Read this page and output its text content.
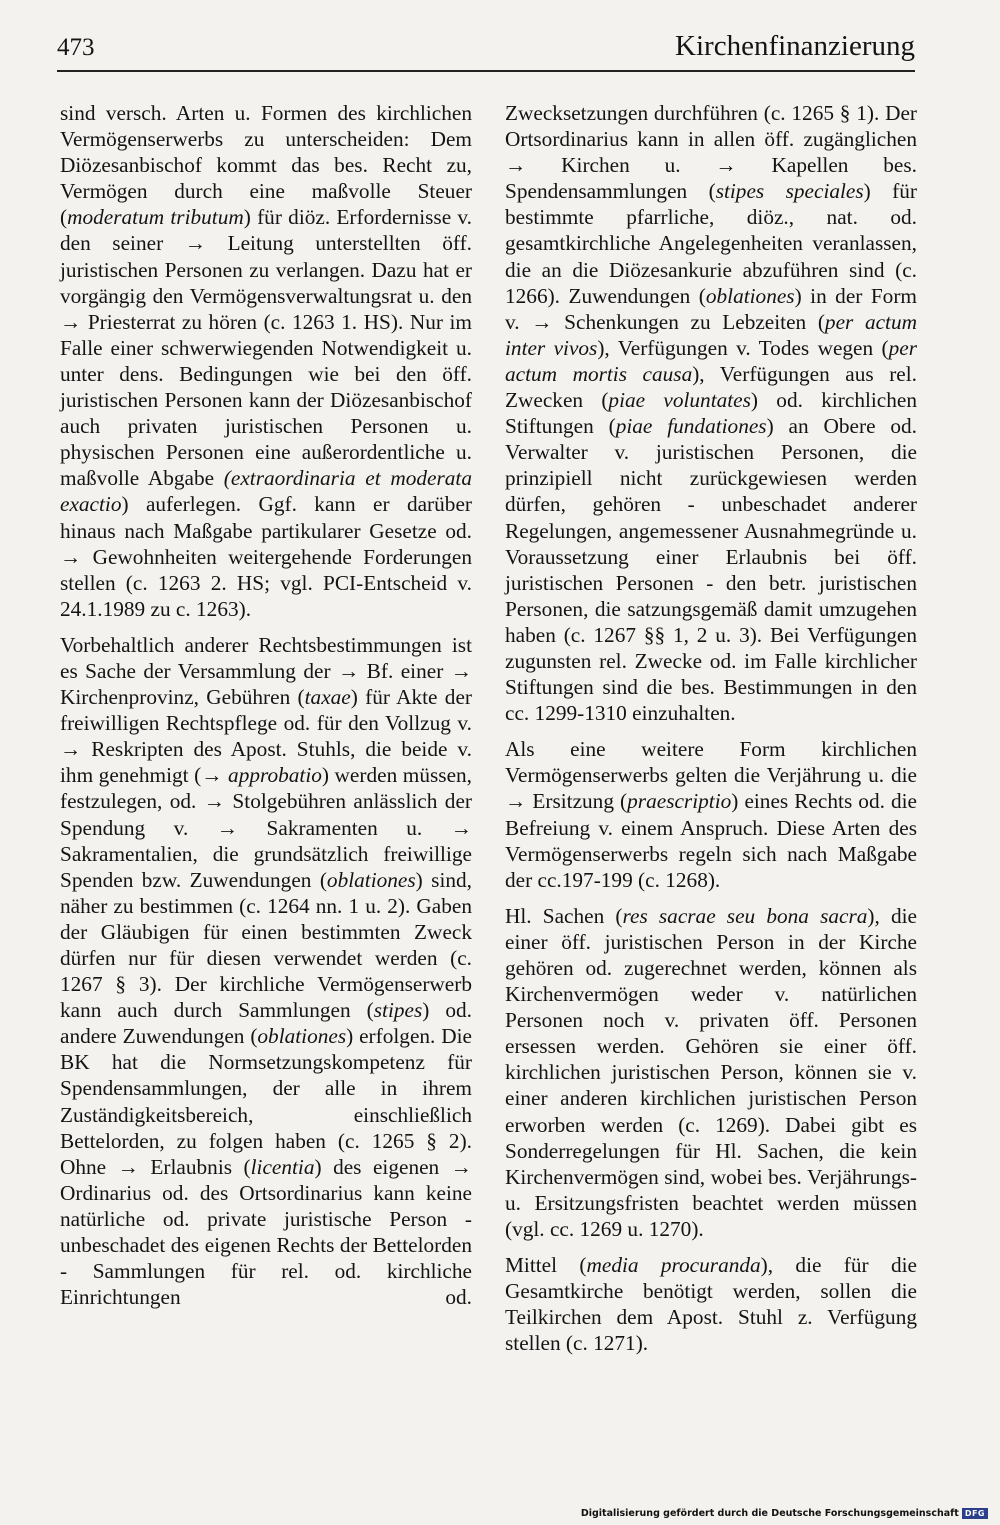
473	Kirchenfinanzierung

sind versch. Arten u. Formen des kirchlichen Vermögenserwerbs zu unterscheiden: Dem Diözesanbischof kommt das bes. Recht zu, Vermögen durch eine maßvolle Steuer (moderatum tributum) für diöz. Erfordernisse v. den seiner → Leitung unterstellten öff. juristischen Personen zu verlangen. Dazu hat er vorgängig den Vermögensverwaltungsrat u. den → Priesterrat zu hören (c. 1263 1. HS). Nur im Falle einer schwerwiegenden Notwendigkeit u. unter dens. Bedingungen wie bei den öff. juristischen Personen kann der Diözesanbischof auch privaten juristischen Personen u. physischen Personen eine außerordentliche u. maßvolle Abgabe (extraordinaria et moderata exactio) auferlegen. Ggf. kann er darüber hinaus nach Maßgabe partikularer Gesetze od. → Gewohnheiten weitergehende Forderungen stellen (c. 1263 2. HS; vgl. PCI-Entscheid v. 24.1.1989 zu c. 1263).

Vorbehaltlich anderer Rechtsbestimmungen ist es Sache der Versammlung der → Bf. einer → Kirchenprovinz, Gebühren (taxae) für Akte der freiwilligen Rechtspflege od. für den Vollzug v. → Reskripten des Apost. Stuhls, die beide v. ihm genehmigt (→ approbatio) werden müssen, festzulegen, od. → Stolgebühren anlässlich der Spendung v. → Sakramenten u. → Sakramentalien, die grundsätzlich freiwillige Spenden bzw. Zuwendungen (oblationes) sind, näher zu bestimmen (c. 1264 nn. 1 u. 2). Gaben der Gläubigen für einen bestimmten Zweck dürfen nur für diesen verwendet werden (c. 1267 § 3). Der kirchliche Vermögenserwerb kann auch durch Sammlungen (stipes) od. andere Zuwendungen (oblationes) erfolgen. Die BK hat die Normsetzungskompetenz für Spendensammlungen, der alle in ihrem Zuständigkeitsbereich, einschließlich Bettelorden, zu folgen haben (c. 1265 § 2). Ohne → Erlaubnis (licentia) des eigenen → Ordinarius od. des Ortsordinarius kann keine natürliche od. private juristische Person - unbeschadet des eigenen Rechts der Bettelorden - Sammlungen für rel. od. kirchliche Einrichtungen od.

Zwecksetzungen durchführen (c. 1265 § 1). Der Ortsordinarius kann in allen öff. zugänglichen → Kirchen u. → Kapellen bes. Spendensammlungen (stipes speciales) für bestimmte pfarrliche, diöz., nat. od. gesamtkirchliche Angelegenheiten veranlassen, die an die Diözesankurie abzuführen sind (c. 1266). Zuwendungen (oblationes) in der Form v. → Schenkungen zu Lebzeiten (per actum inter vivos), Verfügungen v. Todes wegen (per actum mortis causa), Verfügungen aus rel. Zwecken (piae voluntates) od. kirchlichen Stiftungen (piae fundationes) an Obere od. Verwalter v. juristischen Personen, die prinzipiell nicht zurückgewiesen werden dürfen, gehören - unbeschadet anderer Regelungen, angemessener Ausnahmegründe u. Voraussetzung einer Erlaubnis bei öff. juristischen Personen - den betr. juristischen Personen, die satzungsgemäß damit umzugehen haben (c. 1267 §§ 1, 2 u. 3). Bei Verfügungen zugunsten rel. Zwecke od. im Falle kirchlicher Stiftungen sind die bes. Bestimmungen in den cc. 1299-1310 einzuhalten.

Als eine weitere Form kirchlichen Vermögenserwerbs gelten die Verjährung u. die → Ersitzung (praescriptio) eines Rechts od. die Befreiung v. einem Anspruch. Diese Arten des Vermögenserwerbs regeln sich nach Maßgabe der cc.197-199 (c. 1268).

Hl. Sachen (res sacrae seu bona sacra), die einer öff. juristischen Person in der Kirche gehören od. zugerechnet werden, können als Kirchenvermögen weder v. natürlichen Personen noch v. privaten öff. Personen ersessen werden. Gehören sie einer öff. kirchlichen juristischen Person, können sie v. einer anderen kirchlichen juristischen Person erworben werden (c. 1269). Dabei gibt es Sonderregelungen für Hl. Sachen, die kein Kirchenvermögen sind, wobei bes. Verjährungs- u. Ersitzungsfristen beachtet werden müssen (vgl. cc. 1269 u. 1270).

Mittel (media procuranda), die für die Gesamtkirche benötigt werden, sollen die Teilkirchen dem Apost. Stuhl z. Verfügung stellen (c. 1271).

Digitalisierung gefördert durch die Deutsche Forschungsgemeinschaft DFG
